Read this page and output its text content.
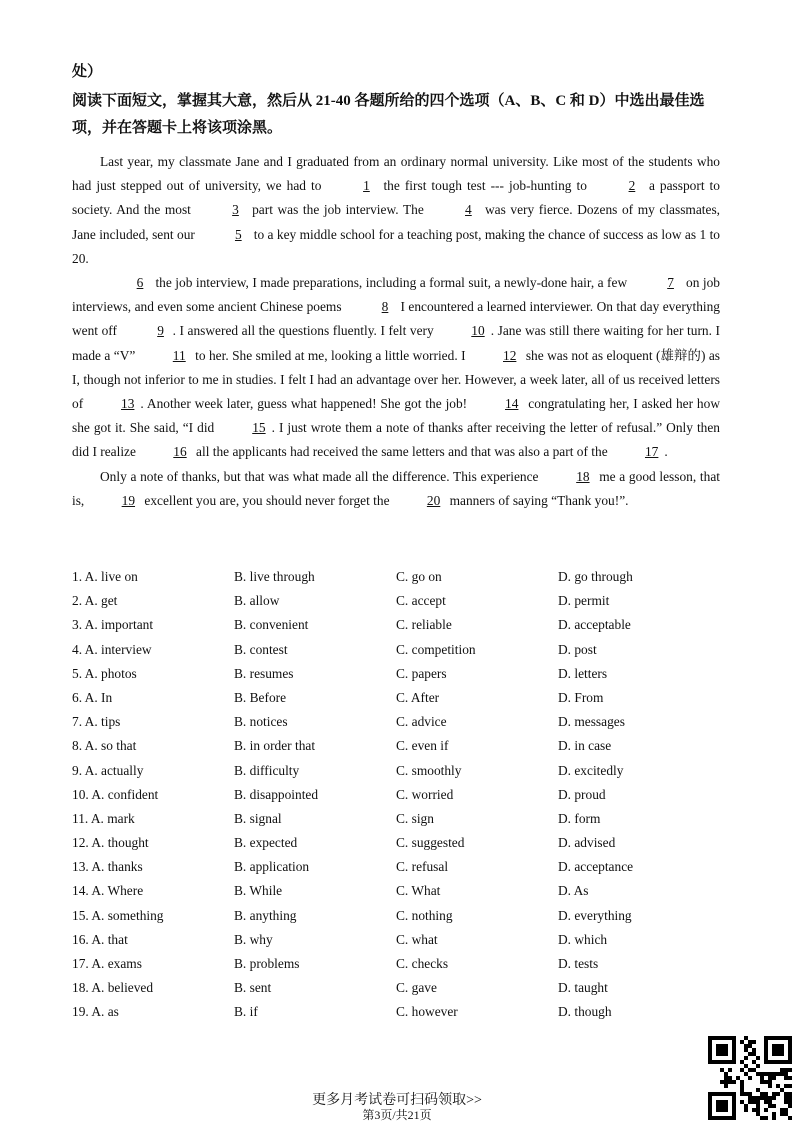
处）
阅读下面短文，掌握其大意，然后从 21-40 各题所给的四个选项（A、B、C 和 D）中选出最佳选项，并在答题卡上将该项涂黑。

Last year, my classmate Jane and I graduated from an ordinary normal university. Like most of the students who had just stepped out of university, we had to	1 the first tough test --- job-hunting to	2 a passport to society. And the most	3 part was the job interview. The	4 was very fierce. Dozens of my classmates, Jane included, sent our	5 to a key middle school for a teaching post, making the chance of success as low as 1 to 20.

6 the job interview, I made preparations, including a formal suit, a newly-done hair, a few	7 on job interviews, and even some ancient Chinese poems	8 I encountered a learned interviewer. On that day everything went off	9 . I answered all the questions fluently. I felt very	10 . Jane was still there waiting for her turn. I made a “V”	11 to her. She smiled at me, looking a little worried. I	12 she was not as eloquent (雄辩的) as I, though not inferior to me in studies. I felt I had an advantage over her. However, a week later, all of us received letters of	13 . Another week later, guess what happened! She got the job!	14 congratulating her, I asked her how she got it. She said, “I did	15 . I just wrote them a note of thanks after receiving the letter of refusal.” Only then did I realize	16 all the applicants had received the same letters and that was also a part of the	17 .

Only a note of thanks, but that was what made all the difference. This experience	18 me a good lesson, that is,	19 excellent you are, you should never forget the	20 manners of saying “Thank you!”.

1. A. live on	B. live through	C. go on	D. go through
2. A. get	B. allow	C. accept	D. permit
3. A. important	B. convenient	C. reliable	D. acceptable
4. A. interview	B. contest	C. competition	D. post
5. A. photos	B. resumes	C. papers	D. letters
6. A. In	B. Before	C. After	D. From
7. A. tips	B. notices	C. advice	D. messages
8. A. so that	B. in order that	C. even if	D. in case
9. A. actually	B. difficulty	C. smoothly	D. excitedly
10. A. confident	B. disappointed	C. worried	D. proud
11. A. mark	B. signal	C. sign	D. form
12. A. thought	B. expected	C. suggested	D. advised
13. A. thanks	B. application	C. refusal	D. acceptance
14. A. Where	B. While	C. What	D. As
15. A. something	B. anything	C. nothing	D. everything
16. A. that	B. why	C. what	D. which
17. A. exams	B. problems	C. checks	D. tests
18. A. believed	B. sent	C. gave	D. taught
19. A. as	B. if	C. however	D. though
更多月考试卷可扫码领取>>
第3页/共21页
